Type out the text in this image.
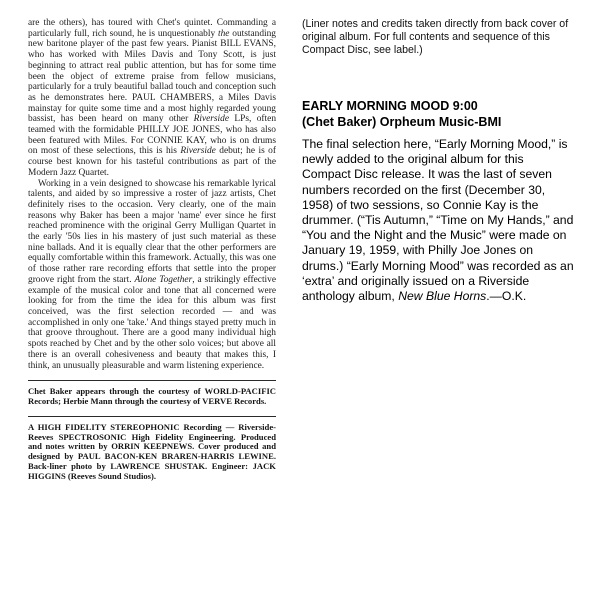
are the others), has toured with Chet's quintet. Commanding a particularly full, rich sound, he is unquestionably the outstanding new baritone player of the past few years. Pianist BILL EVANS, who has worked with Miles Davis and Tony Scott, is just beginning to attract real public attention, but has for some time been the object of extreme praise from fellow musicians, particularly for a truly beautiful ballad touch and conception such as he demonstrates here. PAUL CHAMBERS, a Miles Davis mainstay for quite some time and a most highly regarded young bassist, has been heard on many other Riverside LPs, often teamed with the formidable PHILLY JOE JONES, who has also been featured with Miles. For CONNIE KAY, who is on drums on most of these selections, this is his Riverside debut; he is of course best known for his tasteful contributions as part of the Modern Jazz Quartet.

Working in a vein designed to showcase his remarkable lyrical talents, and aided by so impressive a roster of jazz artists, Chet definitely rises to the occasion. Very clearly, one of the main reasons why Baker has been a major 'name' ever since he first reached prominence with the original Gerry Mulligan Quartet in the early '50s lies in his mastery of just such material as these nine ballads. And it is equally clear that the other performers are equally comfortable within this framework. Actually, this was one of those rather rare recording efforts that settle into the proper groove right from the start. Alone Together, a strikingly effective example of the musical color and tone that all concerned were looking for from the time the idea for this album was first conceived, was the first selection recorded — and was accomplished in only one 'take.' And things stayed pretty much in that groove throughout. There are a good many individual high spots reached by Chet and by the other solo voices; but above all there is an overall cohesiveness and beauty that makes this, I think, an unusually pleasurable and warm listening experience.

Chet Baker appears through the courtesy of WORLD-PACIFIC Records; Herbie Mann through the courtesy of VERVE Records.

A HIGH FIDELITY STEREOPHONIC Recording — Riverside-Reeves SPECTROSONIC High Fidelity Engineering. Produced and notes written by ORRIN KEEPNEWS. Cover produced and designed by PAUL BACON-KEN BRAREN-HARRIS LEWINE. Back-liner photo by LAWRENCE SHUSTAK. Engineer: JACK HIGGINS (Reeves Sound Studios).

(Liner notes and credits taken directly from back cover of original album. For full contents and sequence of this Compact Disc, see label.)
EARLY MORNING MOOD 9:00
(Chet Baker) Orpheum Music-BMI
The final selection here, “Early Morning Mood,” is newly added to the original album for this Compact Disc release. It was the last of seven numbers recorded on the first (December 30, 1958) of two sessions, so Connie Kay is the drummer. (“Tis Autumn,” “Time on My Hands,” and “You and the Night and the Music” were made on January 19, 1959, with Philly Joe Jones on drums.) “Early Morning Mood” was recorded as an ‘extra’ and originally issued on a Riverside anthology album, New Blue Horns.—O.K.
